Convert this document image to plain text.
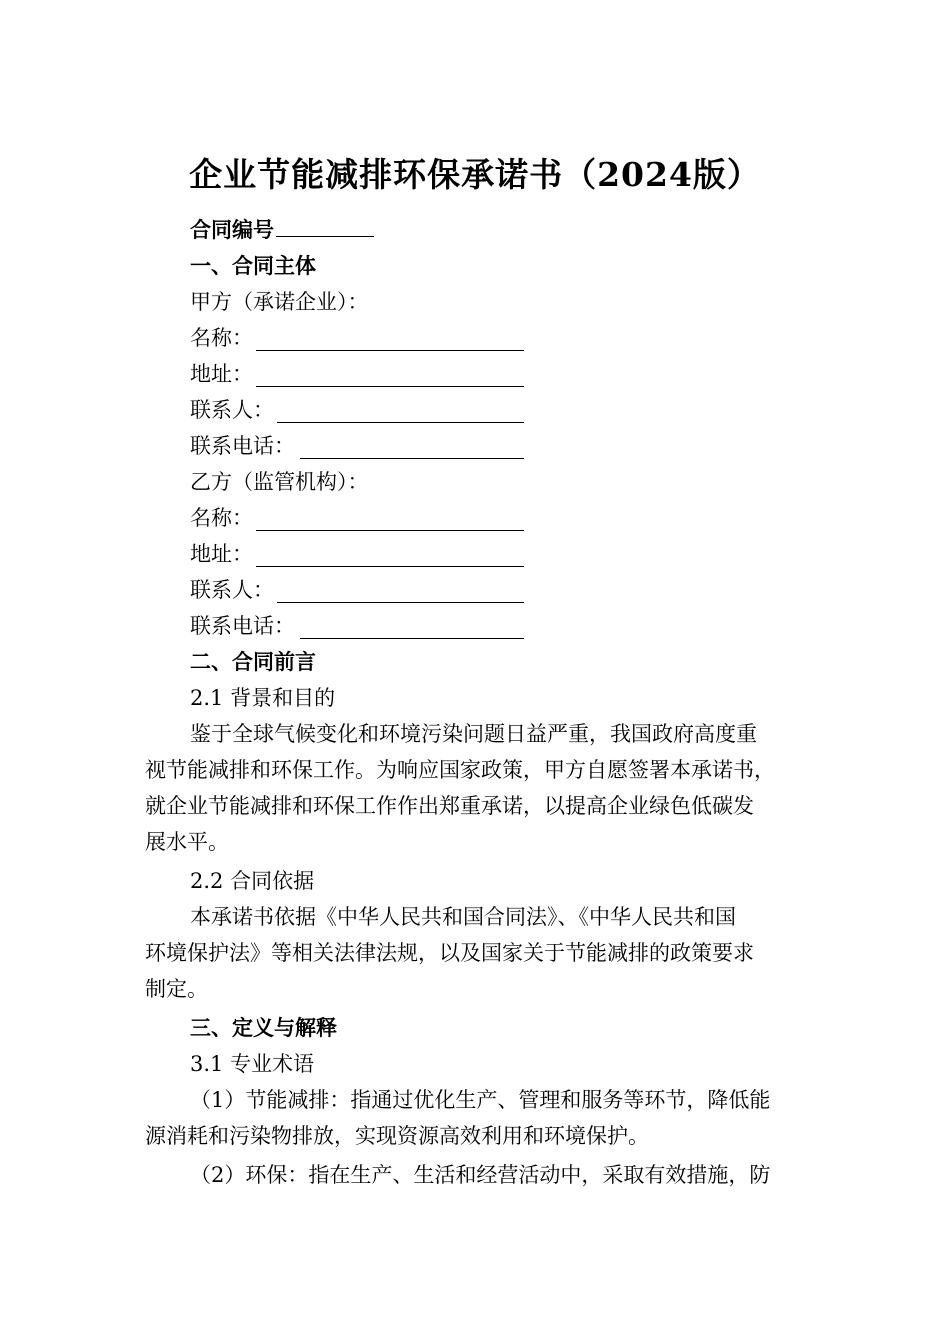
企业节能减排环保承诺书（2024版）
合同编号
一、合同主体
甲方（承诺企业）：
名称：
地址：
联系人：
联系电话：
乙方（监管机构）：
名称：
地址：
联系人：
联系电话：
二、合同前言
2.1 背景和目的
鉴于全球气候变化和环境污染问题日益严重，我国政府高度重
视节能减排和环保工作。为响应国家政策，甲方自愿签署本承诺书，
就企业节能减排和环保工作作出郑重承诺，以提高企业绿色低碳发
展水平。
2.2 合同依据
本承诺书依据《中华人民共和国合同法》、《中华人民共和国
环境保护法》等相关法律法规，以及国家关于节能减排的政策要求
制定。
三、定义与解释
3.1 专业术语
（1）节能减排：指通过优化生产、管理和服务等环节，降低能
源消耗和污染物排放，实现资源高效利用和环境保护。
（2）环保：指在生产、生活和经营活动中，采取有效措施，防
